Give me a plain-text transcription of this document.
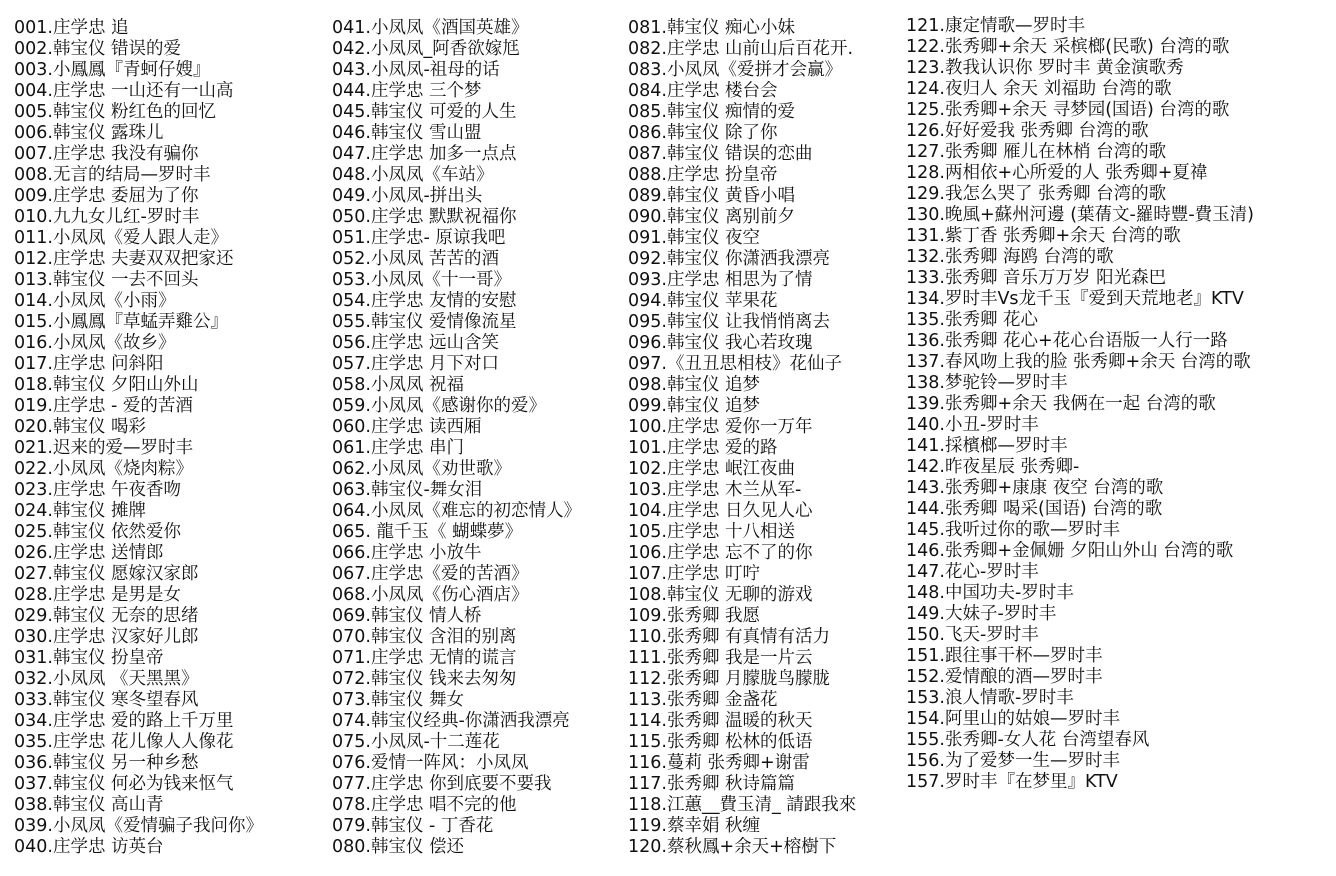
001.庄学忠 追
002.韩宝仪 错误的爱
003.小鳳鳳『青蚵仔嫂』
004.庄学忠 一山还有一山高
005.韩宝仪 粉红色的回忆
006.韩宝仪 露珠儿
007.庄学忠 我没有骗你
008.无言的结局—罗时丰
009.庄学忠 委屈为了你
010.九九女儿红-罗时丰
011.小凤凤《爱人跟人走》
012.庄学忠 夫妻双双把家还
013.韩宝仪 一去不回头
014.小凤凤《小雨》
015.小鳳鳳『草蜢弄雞公』
016.小凤凤《故乡》
017.庄学忠 问斜阳
018.韩宝仪 夕阳山外山
019.庄学忠 - 爱的苦酒
020.韩宝仪 喝彩
021.迟来的爱—罗时丰
022.小凤凤《烧肉粽》
023.庄学忠 午夜香吻
024.韩宝仪 摊牌
025.韩宝仪 依然爱你
026.庄学忠 送情郎
027.韩宝仪 愿嫁汉家郎
028.庄学忠 是男是女
029.韩宝仪 无奈的思绪
030.庄学忠 汉家好儿郎
031.韩宝仪 扮皇帝
032.小凤凤 《天黑黑》
033.韩宝仪 寒冬望春风
034.庄学忠 爱的路上千万里
035.庄学忠 花儿像人人像花
036.韩宝仪 另一种乡愁
037.韩宝仪 何必为钱来怄气
038.韩宝仪 高山青
039.小凤凤《爱情骗子我问你》
040.庄学忠 访英台
041.小凤凤《酒国英雄》
042.小凤凤_阿香欲嫁尪
043.小凤凤-祖母的话
044.庄学忠 三个梦
045.韩宝仪 可爱的人生
046.韩宝仪 雪山盟
047.庄学忠 加多一点点
048.小凤凤《车站》
049.小凤凤-拼出头
050.庄学忠 默默祝福你
051.庄学忠- 原谅我吧
052.小凤凤 苦苦的酒
053.小凤凤《十一哥》
054.庄学忠 友情的安慰
055.韩宝仪 爱情像流星
056.庄学忠 远山含笑
057.庄学忠 月下对口
058.小凤凤 祝福
059.小凤凤《感谢你的爱》
060.庄学忠 读西厢
061.庄学忠 串门
062.小凤凤《劝世歌》
063.韩宝仪-舞女泪
064.小凤凤《难忘的初恋情人》
065. 龍千玉《 蝴蝶夢》
066.庄学忠 小放牛
067.庄学忠《爱的苦酒》
068.小凤凤《伤心酒店》
069.韩宝仪 情人桥
070.韩宝仪 含泪的别离
071.庄学忠 无情的谎言
072.韩宝仪 钱来去匆匆
073.韩宝仪 舞女
074.韩宝仪经典-你潇洒我漂亮
075.小凤凤-十二莲花
076.爱情一阵风：小凤凤
077.庄学忠 你到底要不要我
078.庄学忠 唱不完的他
079.韩宝仪 - 丁香花
080.韩宝仪 偿还
081.韩宝仪 痴心小妹
082.庄学忠 山前山后百花开.
083.小凤凤《爱拼才会赢》
084.庄学忠 楼台会
085.韩宝仪 痴情的爱
086.韩宝仪 除了你
087.韩宝仪 错误的恋曲
088.庄学忠 扮皇帝
089.韩宝仪 黄昏小唱
090.韩宝仪 离别前夕
091.韩宝仪 夜空
092.韩宝仪 你潇洒我漂亮
093.庄学忠 相思为了情
094.韩宝仪 苹果花
095.韩宝仪 让我悄悄离去
096.韩宝仪 我心若玫瑰
097.《丑丑思相枝》花仙子
098.韩宝仪 追梦
099.韩宝仪 追梦
100.庄学忠 爱你一万年
101.庄学忠 爱的路
102.庄学忠 岷江夜曲
103.庄学忠 木兰从军-
104.庄学忠 日久见人心
105.庄学忠 十八相送
106.庄学忠 忘不了的你
107.庄学忠 叮咛
108.韩宝仪 无聊的游戏
109.张秀卿 我愿
110.张秀卿 有真情有活力
111.张秀卿 我是一片云
112.张秀卿 月朦胧鸟朦胧
113.张秀卿 金盏花
114.张秀卿 温暖的秋天
115.张秀卿 松林的低语
116.蔓莉 张秀卿+谢雷
117.张秀卿 秋诗篇篇
118.江蕙__費玉清_ 請跟我來
119.蔡幸娟 秋缠
120.蔡秋鳳+余天+榕樹下
121.康定情歌—罗时丰
122.张秀卿+余天 采槟榔(民歌) 台湾的歌
123.教我认识你 罗时丰 黄金演歌秀
124.夜归人 余天 刘福助 台湾的歌
125.张秀卿+余天 寻梦园(国语) 台湾的歌
126.好好爱我 张秀卿 台湾的歌
127.张秀卿 雁儿在林梢 台湾的歌
128.两相依+心所爱的人 张秀卿+夏禕
129.我怎么哭了 张秀卿 台湾的歌
130.晚風+蘇州河邊 (葉蒨文-羅時豐-費玉清)
131.紫丁香 张秀卿+余天 台湾的歌
132.张秀卿 海鸥 台湾的歌
133.张秀卿 音乐万万岁 阳光森巴
134.罗时丰Vs龙千玉『爱到天荒地老』KTV
135.张秀卿 花心
136.张秀卿 花心+花心台语版一人行一路
137.春风吻上我的脸 张秀卿+余天 台湾的歌
138.梦驼铃—罗时丰
139.张秀卿+余天 我俩在一起 台湾的歌
140.小丑-罗时丰
141.採檳榔—罗时丰
142.昨夜星辰 张秀卿-
143.张秀卿+康康 夜空 台湾的歌
144.张秀卿 喝采(国语) 台湾的歌
145.我听过你的歌—罗时丰
146.张秀卿+金佩姗 夕阳山外山 台湾的歌
147.花心-罗时丰
148.中国功夫-罗时丰
149.大妹子-罗时丰
150.飞天-罗时丰
151.跟往事干杯—罗时丰
152.爱情酿的酒—罗时丰
153.浪人情歌-罗时丰
154.阿里山的姑娘—罗时丰
155.张秀卿-女人花 台湾望春风
156.为了爱梦一生—罗时丰
157.罗时丰『在梦里』KTV
